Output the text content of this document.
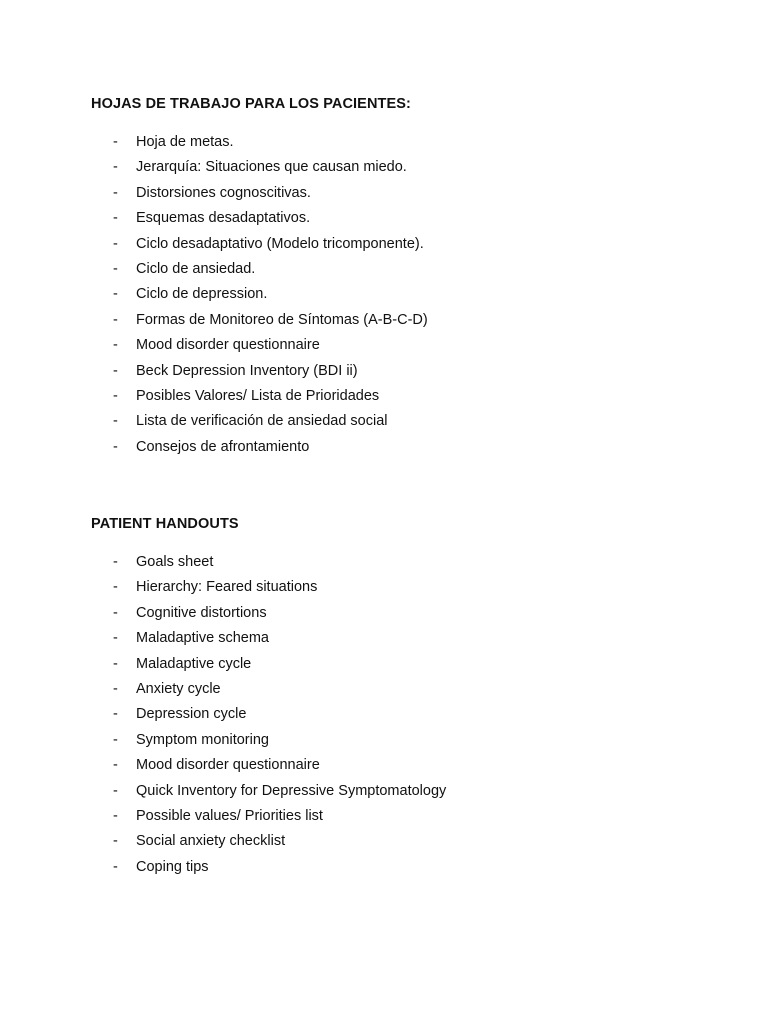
HOJAS DE TRABAJO PARA LOS PACIENTES:
- Hoja de metas.
- Jerarquía: Situaciones que causan miedo.
- Distorsiones cognoscitivas.
- Esquemas desadaptativos.
- Ciclo desadaptativo (Modelo tricomponente).
- Ciclo de ansiedad.
- Ciclo de depression.
- Formas de Monitoreo de Síntomas (A-B-C-D)
- Mood disorder questionnaire
- Beck Depression Inventory (BDI ii)
- Posibles Valores/ Lista de Prioridades
- Lista de verificación de ansiedad social
- Consejos de afrontamiento
PATIENT HANDOUTS
- Goals sheet
- Hierarchy: Feared situations
- Cognitive distortions
- Maladaptive schema
- Maladaptive cycle
- Anxiety cycle
- Depression cycle
- Symptom monitoring
- Mood disorder questionnaire
- Quick Inventory for Depressive Symptomatology
- Possible values/ Priorities list
- Social anxiety checklist
- Coping tips
